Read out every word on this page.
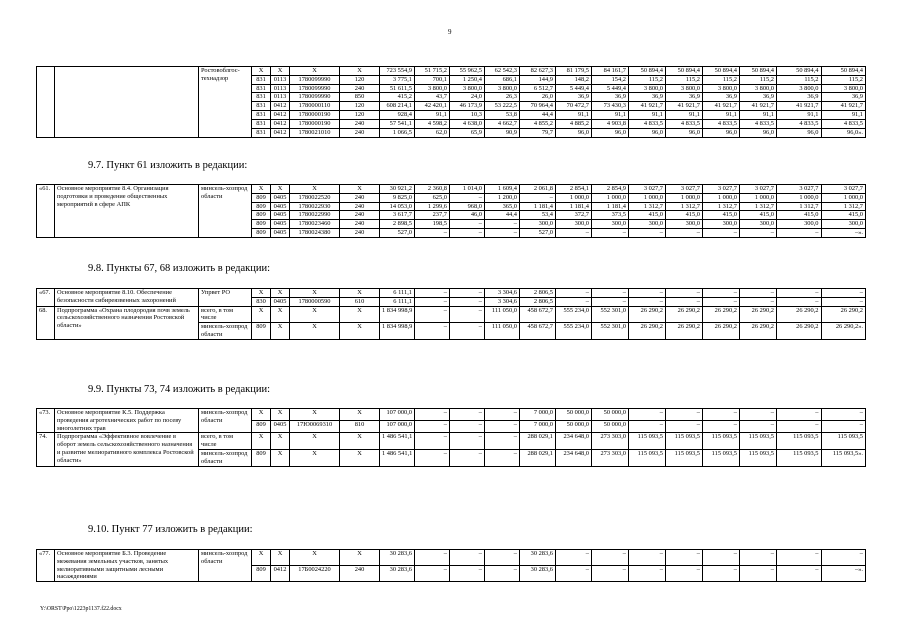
9
		Ростовоблгос-технадзор	Х	Х	Х	Х	723 554,9	51 715,2	55 962,5	62 542,3	82 627,3	81 179,5	84 161,7	50 894,4	50 894,4	50 894,4	50 894,4	50 894,4	50 894,4
			831	0113	1780099990	120	3 775,1	700,1	1 250,4	686,1	144,9	148,2	154,2	115,2	115,2	115,2	115,2	115,2	115,2
			831	0113	1780099990	240	51 611,5	3 800,0	3 800,0	3 800,0	6 512,7	5 449,4	5 449,4	3 800,0	3 800,0	3 800,0	3 800,0	3 800,0	3 800,0
			831	0113	1780099990	850	415,2	43,7	24,0	26,3	26,0	36,9	36,9	36,9	36,9	36,9	36,9	36,9	36,9
			831	0412	1780000110	120	608 214,1	42 420,1	46 173,9	53 222,5	70 964,4	70 472,7	73 430,3	41 921,7	41 921,7	41 921,7	41 921,7	41 921,7	41 921,7
			831	0412	1780000190	120	928,4	91,1	10,3	53,8	44,4	91,1	91,1	91,1	91,1	91,1	91,1	91,1	91,1
			831	0412	1780000190	240	57 541,1	4 598,2	4 638,0	4 662,7	4 855,2	4 885,2	4 903,8	4 833,5	4 833,5	4 833,5	4 833,5	4 833,5	4 833,5
			831	0412	1780021010	240	1 066,5	62,0	65,9	90,9	79,7	96,0	96,0	96,0	96,0	96,0	96,0	96,0	96,0».
9.7. Пункт 61 изложить в редакции:
«61.	Основное мероприятие 8.4. Организация подготовки и проведение общественных мероприятий в сфере АПК	минсель-хозпрод области	Х	Х	Х	Х	30 921,2	2 360,8	1 014,0	1 609,4	2 061,8	2 854,1	2 854,9	3 027,7	3 027,7	3 027,7	3 027,7	3 027,7	3 027,7
			809	0405	1780022520	240	9 825,0	625,0	–	1 200,0	–	1 000,0	1 000,0	1 000,0	1 000,0	1 000,0	1 000,0	1 000,0	1 000,0
			809	0405	1780022930	240	14 053,0	1 299,6	968,0	365,0	1 181,4	1 181,4	1 181,4	1 312,7	1 312,7	1 312,7	1 312,7	1 312,7	1 312,7
			809	0405	1780022990	240	3 617,7	237,7	46,0	44,4	53,4	372,7	373,5	415,0	415,0	415,0	415,0	415,0	415,0
			809	0405	1780023460	240	2 898,5	198,5	–	–	300,0	300,0	300,0	300,0	300,0	300,0	300,0	300,0	300,0
			809	0405	1780024380	240	527,0	–	–	–	527,0	–	–	–	–	–	–	–	–».
9.8. Пункты 67, 68 изложить в редакции:
«67.	Основное мероприятие 8.10. Обеспечение безопасности сибиреязвенных захоронений	Упрвет РО	Х	Х	Х	Х	6 111,1	–	–	3 304,6	2 806,5	–	–	–	–	–	–	–	–
			830	0405	1780000590	610	6 111,1	–	–	3 304,6	2 806,5	–	–	–	–	–	–	–	–
68.	Подпрограмма «Охрана плодородия почв земель сельскохозяйственного назначения Ростовской области»	всего, в том числе	Х	Х	Х	Х	1 834 998,9	–	–	111 050,0	458 672,7	555 234,0	552 301,0	26 290,2	26 290,2	26 290,2	26 290,2	26 290,2	26 290,2
		минсель-хозпрод области	809	Х	Х	Х	1 834 998,9	–	–	111 050,0	458 672,7	555 234,0	552 301,0	26 290,2	26 290,2	26 290,2	26 290,2	26 290,2	26 290,2».
9.9. Пункты 73, 74 изложить в редакции:
«73.	Основное мероприятие К.5. Поддержка проведения агротехнических работ по посеву многолетних трав	минсель-хозпрод области	Х	Х	Х	Х	107 000,0	–	–	–	7 000,0	50 000,0	50 000,0	–	–	–	–	–	–
			809	0405	17Ю0069310	810	107 000,0	–	–	–	7 000,0	50 000,0	50 000,0	–	–	–	–	–	–
74.	Подпрограмма «Эффективное вовлечение в оборот земель сельскохозяйственного назначения и развитие мелиоративного комплекса Ростовской области»	всего, в том числе	Х	Х	Х	Х	1 486 541,1	–	–	–	288 029,1	234 648,0	273 303,0	115 093,5	115 093,5	115 093,5	115 093,5	115 093,5	115 093,5
		минсель-хозпрод области	809	Х	Х	Х	1 486 541,1	–	–	–	288 029,1	234 648,0	273 303,0	115 093,5	115 093,5	115 093,5	115 093,5	115 093,5	115 093,5».
9.10. Пункт 77 изложить в редакции:
«77.	Основное мероприятие Б.3. Проведение межевания земельных участков, занятых мелиоративными защитными лесными насаждениями	минсель-хозпрод области	Х	Х	Х	Х	30 283,6	–	–	–	30 283,6	–	–	–	–	–	–	–	–
			809	0412	17Б0024220	240	30 283,6	–	–	–	30 283,6	–	–	–	–	–	–	–	–».
Y:\ORST\Ppo\1223p1137.f22.docx
